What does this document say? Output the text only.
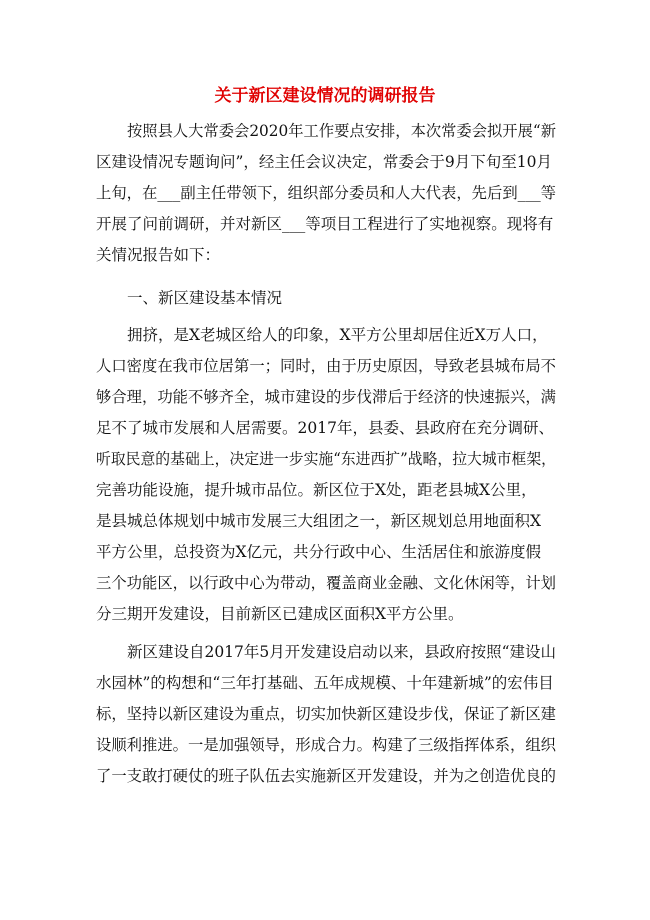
关于新区建设情况的调研报告
按照县人大常委会2020年工作要点安排，本次常委会拟开展“新
区建设情况专题询问”，经主任会议决定，常委会于9月下旬至10月
上旬，在___副主任带领下，组织部分委员和人大代表，先后到___等
开展了问前调研，并对新区___等项目工程进行了实地视察。现将有
关情况报告如下：
一、新区建设基本情况
拥挤，是X老城区给人的印象，X平方公里却居住近X万人口，
人口密度在我市位居第一；同时，由于历史原因，导致老县城布局不
够合理，功能不够齐全，城市建设的步伐滞后于经济的快速振兴，满
足不了城市发展和人居需要。2017年，县委、县政府在充分调研、
听取民意的基础上，决定进一步实施“东进西扩”战略，拉大城市框架，
完善功能设施，提升城市品位。新区位于X处，距老县城X公里，
是县城总体规划中城市发展三大组团之一，新区规划总用地面积X
平方公里，总投资为X亿元，共分行政中心、生活居住和旅游度假
三个功能区，以行政中心为带动，覆盖商业金融、文化休闲等，计划
分三期开发建设，目前新区已建成区面积X平方公里。
新区建设自2017年5月开发建设启动以来，县政府按照“建设山
水园林”的构想和“三年打基础、五年成规模、十年建新城”的宏伟目
标，坚持以新区建设为重点，切实加快新区建设步伐，保证了新区建
设顺利推进。一是加强领导，形成合力。构建了三级指挥体系，组织
了一支敢打硬仗的班子队伍去实施新区开发建设，并为之创造优良的
